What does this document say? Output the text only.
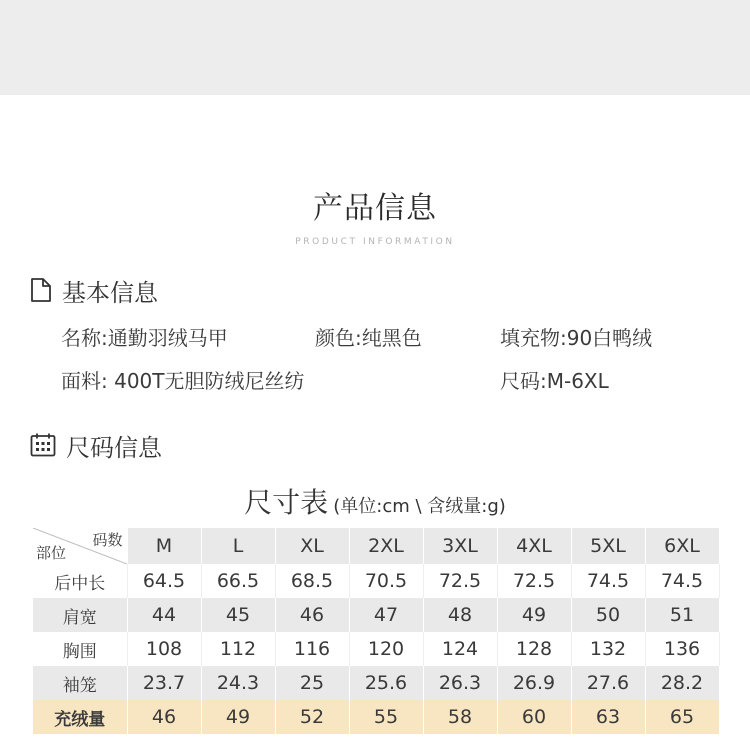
产品信息
PRODUCT INFORMATION
基本信息
名称:通勤羽绒马甲	颜色:纯黑色	填充物:90白鸭绒
面料: 400T无胆防绒尼丝纺	尺码:M-6XL
尺码信息
尺寸表 (单位:cm \ 含绒量:g)
码数
部位	M	L	XL	2XL	3XL	4XL	5XL	6XL
后中长	64.5	66.5	68.5	70.5	72.5	72.5	74.5	74.5
肩宽	44	45	46	47	48	49	50	51
胸围	108	112	116	120	124	128	132	136
袖笼	23.7	24.3	25	25.6	26.3	26.9	27.6	28.2
充绒量	46	49	52	55	58	60	63	65
